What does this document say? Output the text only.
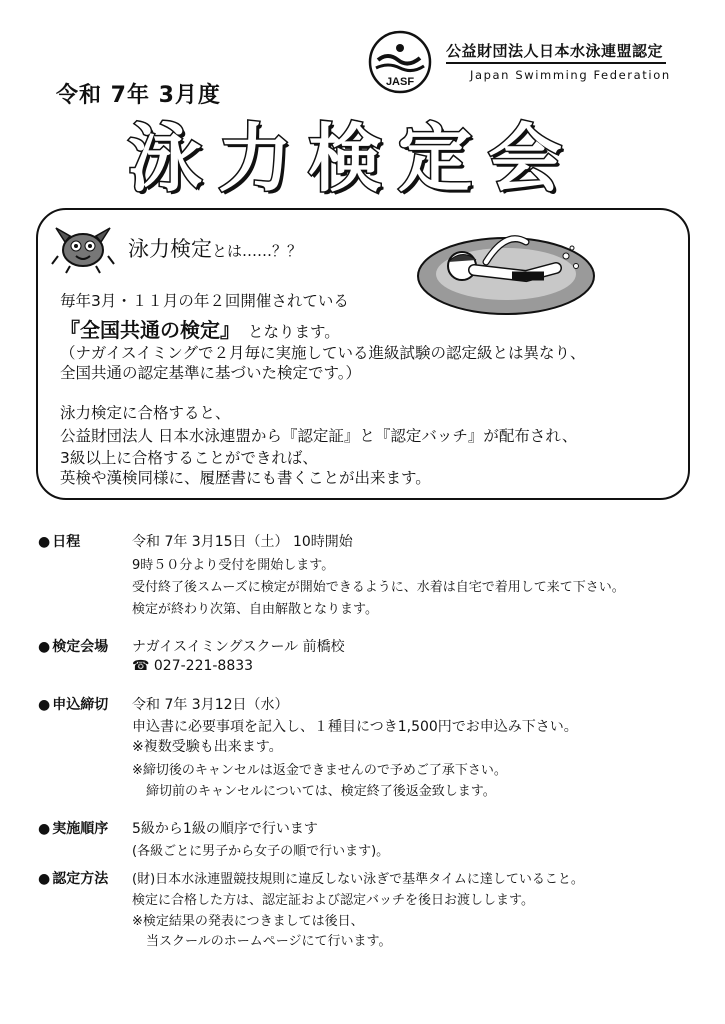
JASF
公益財団法人日本水泳連盟認定
Japan Swimming Federation
令和 7年 3月度
泳力検定会
泳力検定とは……？？
毎年3月・１１月の年２回開催されている
『全国共通の検定』 となります。
（ナガイスイミングで２月毎に実施している進級試験の認定級とは異なり、
全国共通の認定基準に基づいた検定です。）
泳力検定に合格すると、
公益財団法人 日本水泳連盟から『認定証』と『認定バッチ』が配布され、
3級以上に合格することができれば、
英検や漢検同様に、履歴書にも書くことが出来ます。
● 日程	令和 7年 3月15日（土） 10時開始
9時５０分より受付を開始します。
受付終了後スムーズに検定が開始できるように、水着は自宅で着用して来て下さい。
検定が終わり次第、自由解散となります。
● 検定会場 ナガイスイミングスクール 前橋校
☎ 027-221-8833
● 申込締切 令和 7年 3月12日（水）
申込書に必要事項を記入し、１種目につき1,500円でお申込み下さい。
※複数受験も出来ます。
※締切後のキャンセルは返金できませんので予めご了承下さい。
締切前のキャンセルについては、検定終了後返金致します。
● 実施順序 5級から1級の順序で行います
(各級ごとに男子から女子の順で行います)。
● 認定方法 (財)日本水泳連盟競技規則に違反しない泳ぎで基準タイムに達していること。
検定に合格した方は、認定証および認定バッチを後日お渡しします。
※検定結果の発表につきましては後日、
当スクールのホームページにて行います。
